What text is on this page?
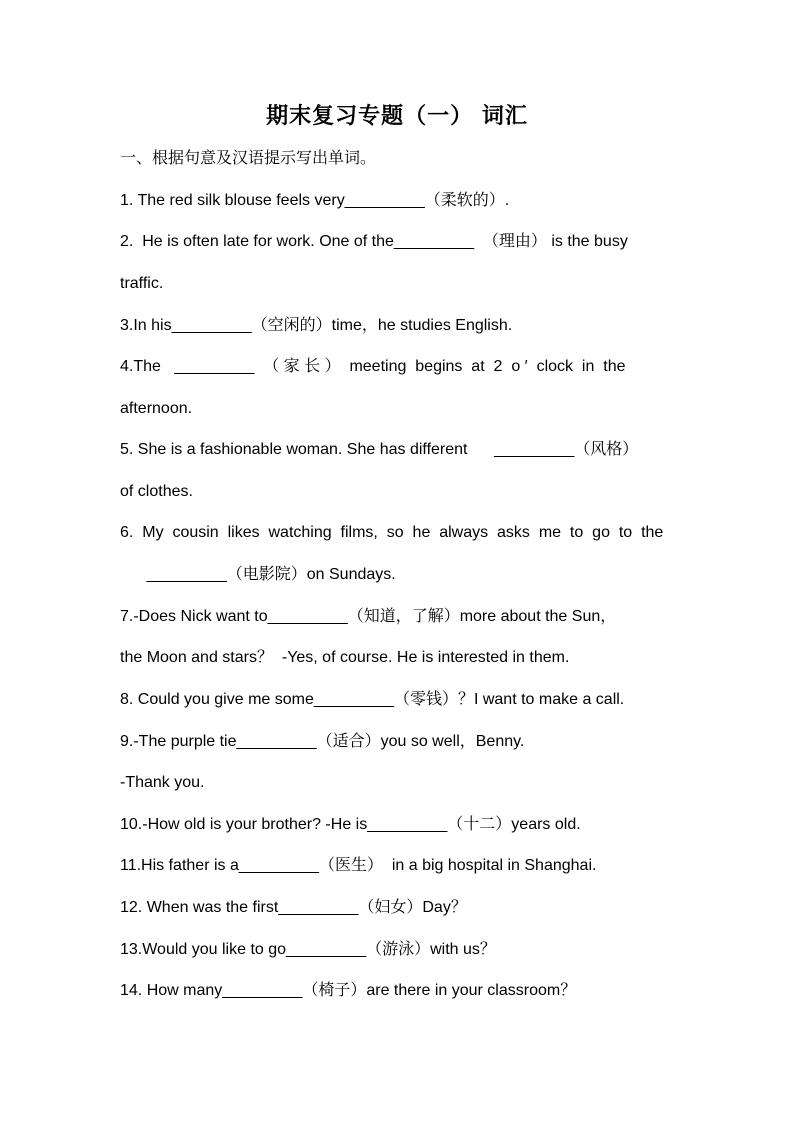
期末复习专题（一） 词汇
一、根据句意及汉语提示写出单词。
1. The red silk blouse feels very_________（柔软的）.
2.  He is often late for work. One of the_________  （理由） is the busy
traffic.
3.In his_________（空闲的）time，he studies English.
4.The   _________  （ 家 长 ）  meeting  begins  at  2  o ′  clock  in  the
afternoon.
5. She is a fashionable woman. She has different      _________（风格）
of clothes.
6.  My  cousin  likes  watching  films,  so  he  always  asks  me  to  go  to  the
_________（电影院）on Sundays.
7.-Does Nick want to_________（知道，了解）more about the Sun，
the Moon and stars？  -Yes, of course. He is interested in them.
8. Could you give me some_________（零钱）？I want to make a call.
9.-The purple tie_________（适合）you so well，Benny.
-Thank you.
10.-How old is your brother? -He is_________（十二）years old.
11.His father is a_________（医生）  in a big hospital in Shanghai.
12. When was the first_________（妇女）Day？
13.Would you like to go_________（游泳）with us？
14. How many_________（椅子）are there in your classroom？
